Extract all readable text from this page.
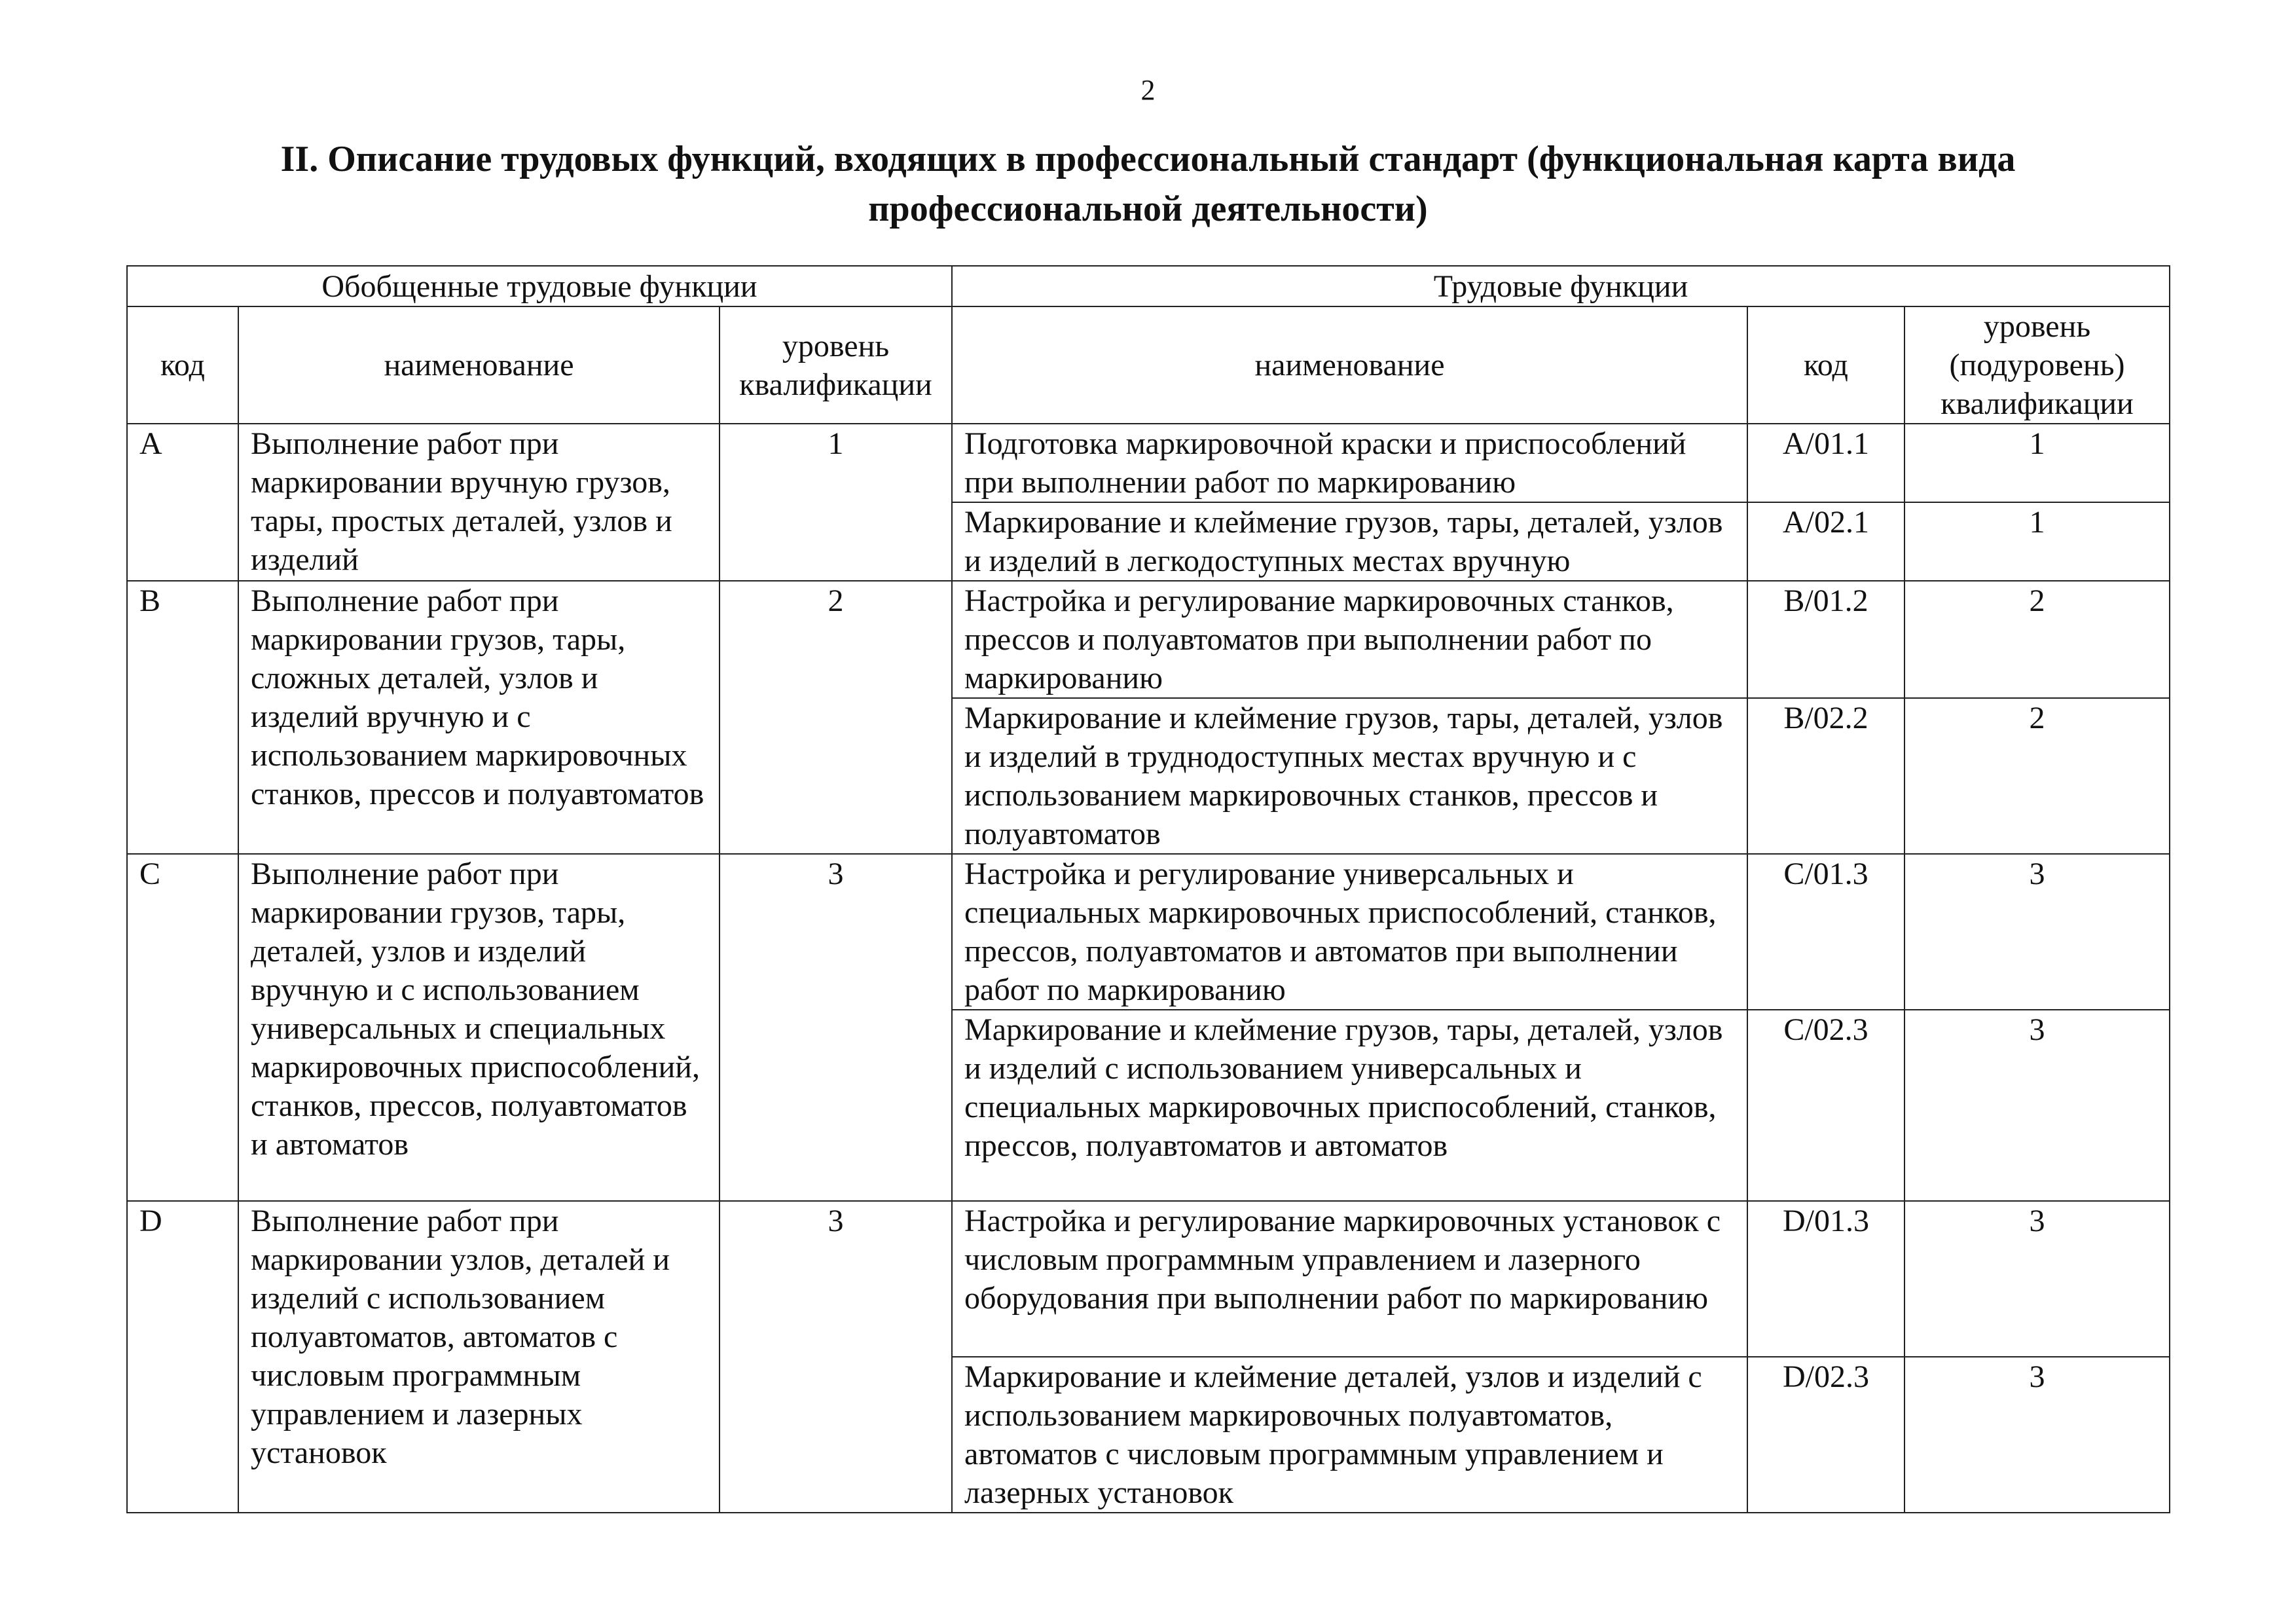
2
II. Описание трудовых функций, входящих в профессиональный стандарт (функциональная карта вида профессиональной деятельности)
Обобщенные трудовые функции			Трудовые функции		
код	наименование	уровень квалификации	наименование	код	уровень (подуровень) квалификации
A	Выполнение работ при маркировании вручную грузов, тары, простых деталей, узлов и изделий	1	Подготовка маркировочной краски и приспособлений при выполнении работ по маркированию	A/01.1	1
			Маркирование и клеймение грузов, тары, деталей, узлов и изделий в легкодоступных местах вручную	A/02.1	1
B	Выполнение работ при маркировании грузов, тары, сложных деталей, узлов и изделий вручную и с использованием маркировочных станков, прессов и полуавтоматов	2	Настройка и регулирование маркировочных станков, прессов и полуавтоматов при выполнении работ по маркированию	B/01.2	2
			Маркирование и клеймение грузов, тары, деталей, узлов и изделий в труднодоступных местах вручную и с использованием маркировочных станков, прессов и полуавтоматов	B/02.2	2
C	Выполнение работ при маркировании грузов, тары, деталей, узлов и изделий вручную и с использованием универсальных и специальных маркировочных приспособлений, станков, прессов, полуавтоматов и автоматов	3	Настройка и регулирование универсальных и специальных маркировочных приспособлений, станков, прессов, полуавтоматов и автоматов при выполнении работ по маркированию	C/01.3	3
			Маркирование и клеймение грузов, тары, деталей, узлов и изделий с использованием универсальных и специальных маркировочных приспособлений, станков, прессов, полуавтоматов и автоматов	C/02.3	3
D	Выполнение работ при маркировании узлов, деталей и изделий с использованием полуавтоматов, автоматов с числовым программным управлением и лазерных установок	3	Настройка и регулирование маркировочных установок с числовым программным управлением и лазерного оборудования при выполнении работ по маркированию	D/01.3	3
			Маркирование и клеймение деталей, узлов и изделий с использованием маркировочных полуавтоматов, автоматов с числовым программным управлением и лазерных установок	D/02.3	3
